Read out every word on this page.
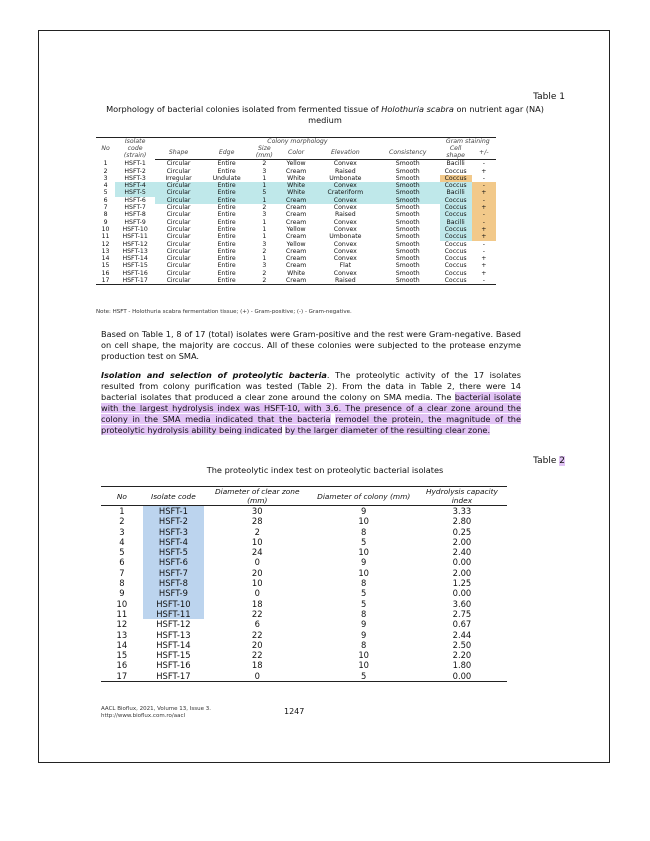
Table 1
Morphology of bacterial colonies isolated from fermented tissue of Holothuria scabra on nutrient agar (NA) medium
No	Isolate code (strain)	Colony morphology						Gram staining	
		Shape	Edge	Size (mm)	Color	Elevation	Consistency	Cell shape	+/-
1	HSFT-1	Circular	Entire	2	Yellow	Convex	Smooth	Bacilli	-
2	HSFT-2	Circular	Entire	3	Cream	Raised	Smooth	Coccus	+
3	HSFT-3	Irregular	Undulate	1	White	Umbonate	Smooth	Coccus	-
4	HSFT-4	Circular	Entire	1	White	Convex	Smooth	Coccus	-
5	HSFT-5	Circular	Entire	5	White	Crateriform	Smooth	Bacilli	+
6	HSFT-6	Circular	Entire	1	Cream	Convex	Smooth	Coccus	-
7	HSFT-7	Circular	Entire	2	Cream	Convex	Smooth	Coccus	+
8	HSFT-8	Circular	Entire	3	Cream	Raised	Smooth	Coccus	-
9	HSFT-9	Circular	Entire	1	Cream	Convex	Smooth	Bacilli	-
10	HSFT-10	Circular	Entire	1	Yellow	Convex	Smooth	Coccus	+
11	HSFT-11	Circular	Entire	1	Cream	Umbonate	Smooth	Coccus	+
12	HSFT-12	Circular	Entire	3	Yellow	Convex	Smooth	Coccus	-
13	HSFT-13	Circular	Entire	2	Cream	Convex	Smooth	Coccus	-
14	HSFT-14	Circular	Entire	1	Cream	Convex	Smooth	Coccus	+
15	HSFT-15	Circular	Entire	3	Cream	Flat	Smooth	Coccus	+
16	HSFT-16	Circular	Entire	2	White	Convex	Smooth	Coccus	+
17	HSFT-17	Circular	Entire	2	Cream	Raised	Smooth	Coccus	-
Note: HSFT - Holothuria scabra fermentation tissue; (+) - Gram-positive; (-) - Gram-negative.
Based on Table 1, 8 of 17 (total) isolates were Gram-positive and the rest were Gram-negative. Based on cell shape, the majority are coccus. All of these colonies were subjected to the protease enzyme production test on SMA.
Isolation and selection of proteolytic bacteria. The proteolytic activity of the 17 isolates resulted from colony purification was tested (Table 2). From the data in Table 2, there were 14 bacterial isolates that produced a clear zone around the colony on SMA media. The bacterial isolate with the largest hydrolysis index was HSFT-10, with 3.6. The presence of a clear zone around the colony in the SMA media indicated that the bacteria remodel the protein, the magnitude of the proteolytic hydrolysis ability being indicated by the larger diameter of the resulting clear zone.
Table 2
The proteolytic index test on proteolytic bacterial isolates
No	Isolate code	Diameter of clear zone (mm)	Diameter of colony (mm)	Hydrolysis capacity index
1	HSFT-1	30	9	3.33
2	HSFT-2	28	10	2.80
3	HSFT-3	2	8	0.25
4	HSFT-4	10	5	2.00
5	HSFT-5	24	10	2.40
6	HSFT-6	0	9	0.00
7	HSFT-7	20	10	2.00
8	HSFT-8	10	8	1.25
9	HSFT-9	0	5	0.00
10	HSFT-10	18	5	3.60
11	HSFT-11	22	8	2.75
12	HSFT-12	6	9	0.67
13	HSFT-13	22	9	2.44
14	HSFT-14	20	8	2.50
15	HSFT-15	22	10	2.20
16	HSFT-16	18	10	1.80
17	HSFT-17	0	5	0.00
AACL Bioflux, 2021, Volume 13, Issue 3.
http://www.bioflux.com.ro/aacl	1247
